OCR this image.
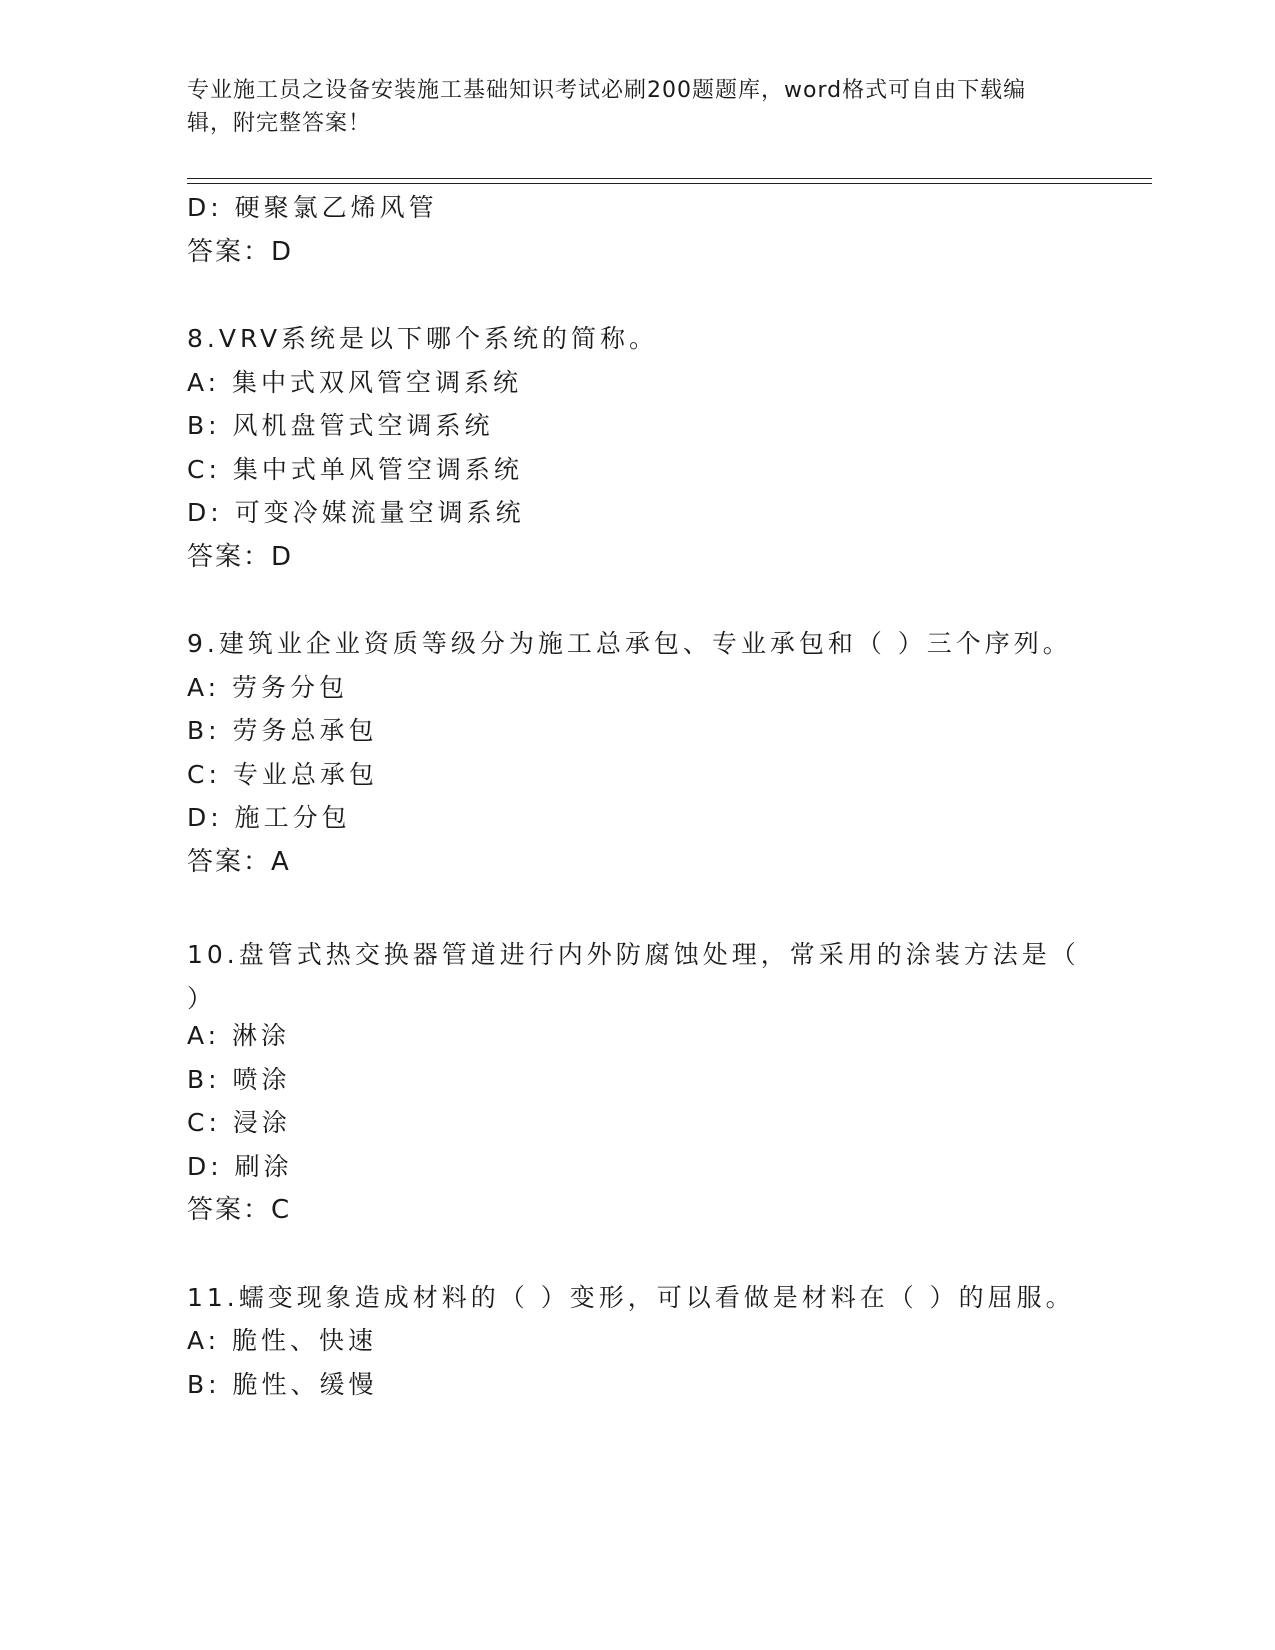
专业施工员之设备安装施工基础知识考试必刷200题题库，word格式可自由下载编辑，附完整答案！
D: 硬聚氯乙烯风管
答案：D
8.VRV系统是以下哪个系统的简称。
A: 集中式双风管空调系统
B: 风机盘管式空调系统
C: 集中式单风管空调系统
D: 可变冷媒流量空调系统
答案：D
9.建筑业企业资质等级分为施工总承包、专业承包和（ ）三个序列。
A: 劳务分包
B: 劳务总承包
C: 专业总承包
D: 施工分包
答案：A
10.盘管式热交换器管道进行内外防腐蚀处理，常采用的涂装方法是（ ）
A: 淋涂
B: 喷涂
C: 浸涂
D: 刷涂
答案：C
11.蠕变现象造成材料的（ ）变形，可以看做是材料在（ ）的屈服。
A: 脆性、快速
B: 脆性、缓慢
